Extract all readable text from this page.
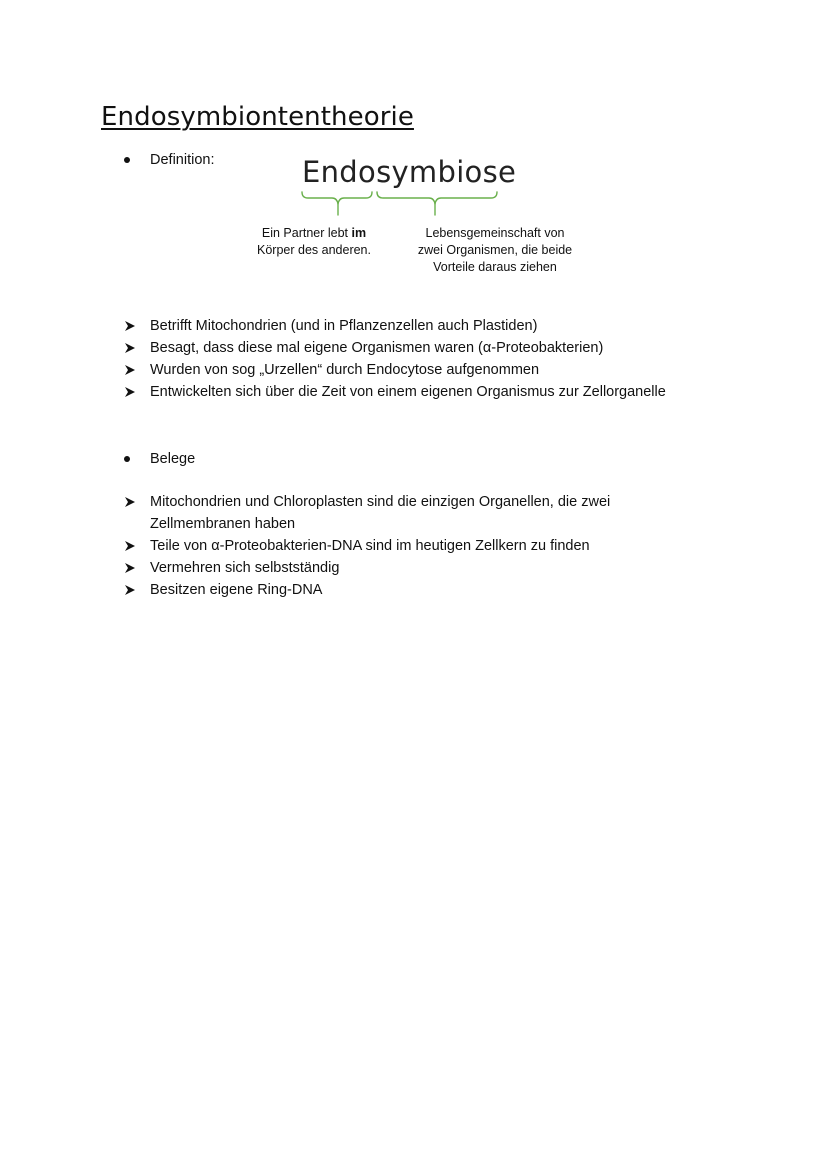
Endosymbiontentheorie
Definition:	Endosymbiose
Ein Partner lebt im
Körper des anderen.
Lebensgemeinschaft von
zwei Organismen, die beide
Vorteile daraus ziehen
Betrifft Mitochondrien (und in Pflanzenzellen auch Plastiden)
Besagt, dass diese mal eigene Organismen waren (α-Proteobakterien)
Wurden von sog „Urzellen“ durch Endocytose aufgenommen
Entwickelten sich über die Zeit von einem eigenen Organismus zur Zellorganelle
Belege
Mitochondrien und Chloroplasten sind die einzigen Organellen, die zwei
Zellmembranen haben
Teile von α-Proteobakterien-DNA sind im heutigen Zellkern zu finden
Vermehren sich selbstständig
Besitzen eigene Ring-DNA
